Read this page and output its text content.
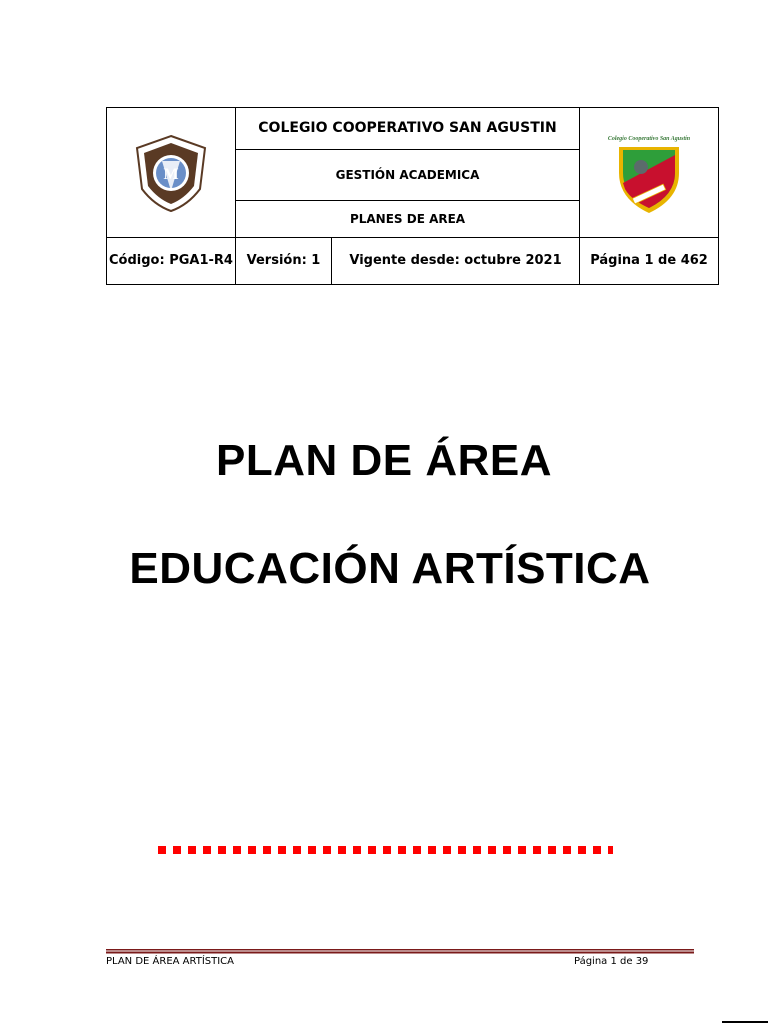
M	COLEGIO COOPERATIVO SAN AGUSTIN		Colegio Cooperativo San Agustín

	GESTIÓN ACADEMICA		

	PLANES DE AREA		

Código: PGA1-R4	Versión: 1	Vigente desde: octubre 2021	Página 1 de 462
PLAN DE ÁREA
EDUCACIÓN ARTÍSTICA
PLAN DE ÁREA ARTÍSTICA	Página 1 de 39
